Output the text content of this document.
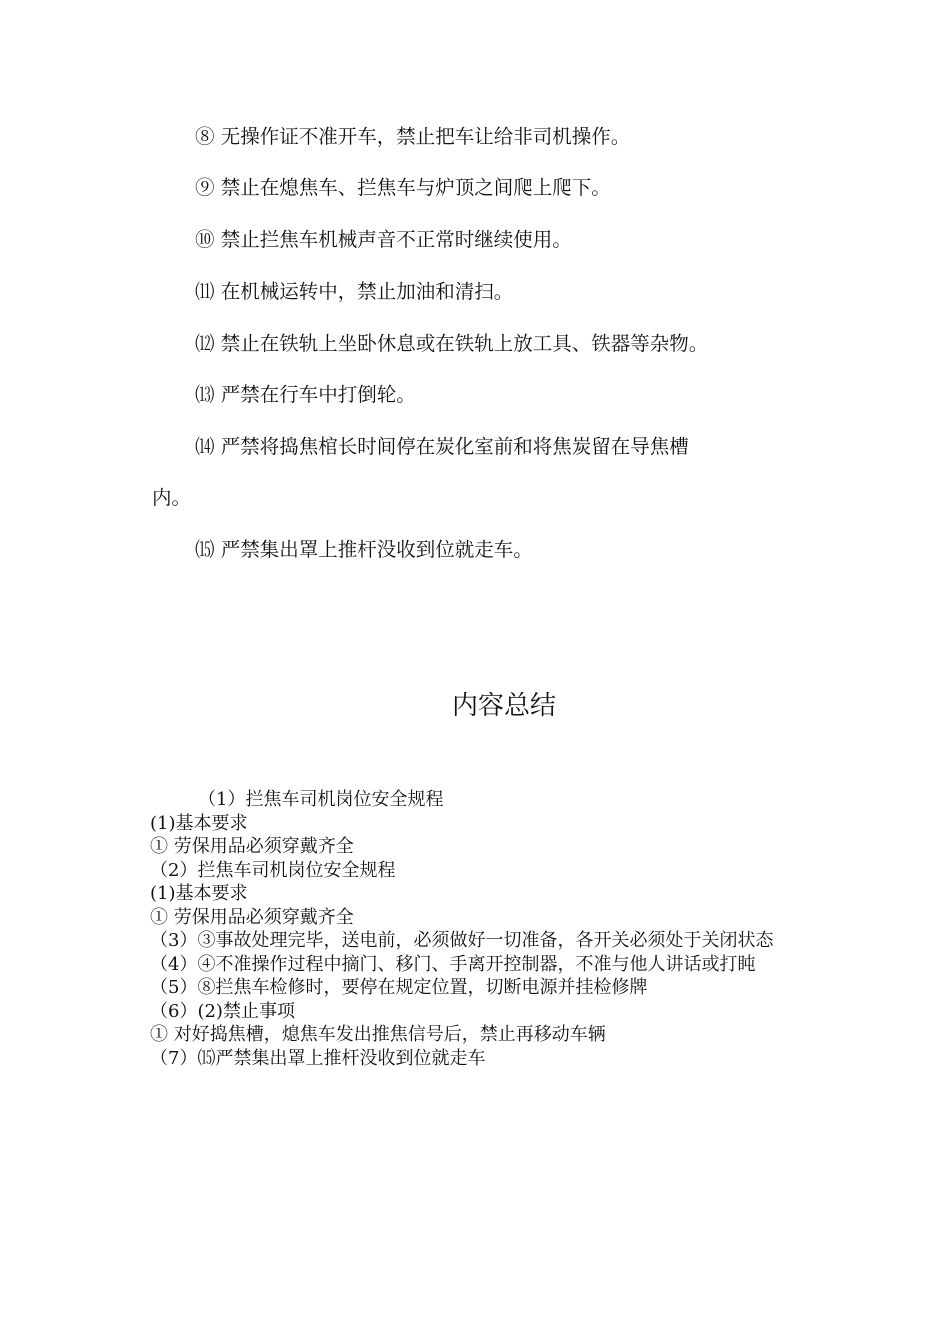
⑧ 无操作证不准开车，禁止把车让给非司机操作。
⑨ 禁止在熄焦车、拦焦车与炉顶之间爬上爬下。
⑩ 禁止拦焦车机械声音不正常时继续使用。
⑾ 在机械运转中，禁止加油和清扫。
⑿ 禁止在铁轨上坐卧休息或在铁轨上放工具、铁器等杂物。
⒀ 严禁在行车中打倒轮。
⒁ 严禁将捣焦棺长时间停在炭化室前和将焦炭留在导焦槽
内。
⒂ 严禁集出罩上推杆没收到位就走车。
内容总结
（1）拦焦车司机岗位安全规程
(1)基本要求
① 劳保用品必须穿戴齐全
（2）拦焦车司机岗位安全规程
(1)基本要求
① 劳保用品必须穿戴齐全
（3）③事故处理完毕，送电前，必须做好一切准备，各开关必须处于关闭状态
（4）④不准操作过程中摘门、移门、手离开控制器，不准与他人讲话或打盹
（5）⑧拦焦车检修时，要停在规定位置，切断电源并挂检修牌
（6）(2)禁止事项
① 对好捣焦槽，熄焦车发出推焦信号后，禁止再移动车辆
（7）⒂严禁集出罩上推杆没收到位就走车
